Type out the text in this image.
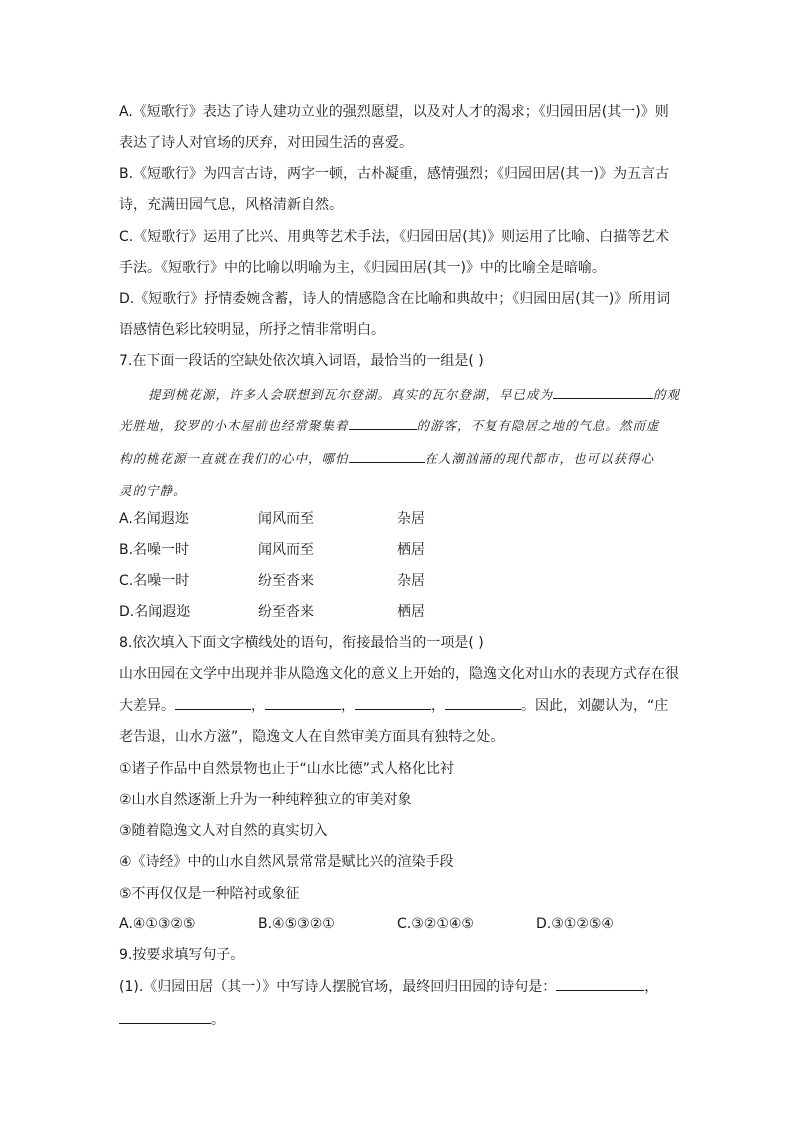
A.《短歌行》表达了诗人建功立业的强烈愿望，以及对人才的渴求；《归园田居(其一)》则
表达了诗人对官场的厌弃，对田园生活的喜爱。
B.《短歌行》为四言古诗，两字一顿，古朴凝重，感情强烈；《归园田居(其一)》为五言古
诗，充满田园气息，风格清新自然。
C.《短歌行》运用了比兴、用典等艺术手法，《归园田居(其)》则运用了比喻、白描等艺术
手法。《短歌行》中的比喻以明喻为主，《归园田居(其一)》中的比喻全是暗喻。
D.《短歌行》抒情委婉含蓄，诗人的情感隐含在比喻和典故中；《归园田居(其一)》所用词
语感情色彩比较明显，所抒之情非常明白。
7.在下面一段话的空缺处依次填入词语，最恰当的一组是( )
提到桃花源，许多人会联想到瓦尔登湖。真实的瓦尔登湖，早已成为	的观
光胜地，狡罗的小木屋前也经常聚集着	的游客，不复有隐居之地的气息。然而虚
构的桃花源一直就在我们的心中，哪怕	在人潮汹涌的现代都市，也可以获得心
灵的宁静。
A.名闻遐迩	闻风而至	杂居
B.名噪一时	闻风而至	栖居
C.名噪一时	纷至沓来	杂居
D.名闻遐迩	纷至沓来	栖居
8.依次填入下面文字横线处的语句，衔接最恰当的一项是( )
山水田园在文学中出现并非从隐逸文化的意义上开始的，隐逸文化对山水的表现方式存在很
大差异。	，	，	，	。因此，刘勰认为，“庄
老告退，山水方滋”，隐逸文人在自然审美方面具有独特之处。
①诸子作品中自然景物也止于“山水比德”式人格化比衬
②山水自然逐渐上升为一种纯粹独立的审美对象
③随着隐逸文人对自然的真实切入
④《诗经》中的山水自然风景常常是赋比兴的渲染手段
⑤不再仅仅是一种陪衬或象征
A.④①③②⑤	B.④⑤③②①	C.③②①④⑤	D.③①②⑤④
9.按要求填写句子。
(1).《归园田居（其一）》中写诗人摆脱官场，最终回归田园的诗句是：	，
。
